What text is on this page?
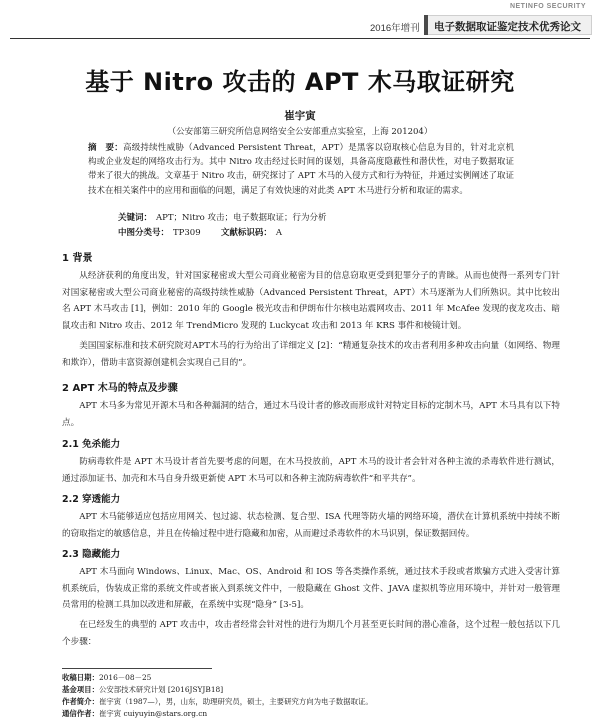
NETINFO SECURITY
2016年增刊 电子数据取证鉴定技术优秀论文
基于 Nitro 攻击的 APT 木马取证研究
崔宇寅
（公安部第三研究所信息网络安全公安部重点实验室，上海 201204）
摘　要：高级持续性威胁（Advanced Persistent Threat，APT）是黑客以窃取核心信息为目的，针对北京机构或企业发起的网络攻击行为。其中 Nitro 攻击经过长时间的谋划，具备高度隐蔽性和潜伏性，对电子数据取证带来了很大的挑战。文章基于 Nitro 攻击，研究探讨了 APT 木马的入侵方式和行为特征，并通过实例阐述了取证技术在相关案件中的应用和面临的问题，满足了有效快速的对此类 APT 木马进行分析和取证的需求。
关键词： APT；Nitro 攻击；电子数据取证；行为分析
中图分类号： TP309 文献标识码： A
1 背景
从经济获利的角度出发，针对国家秘密或大型公司商业秘密为目的信息窃取更受到犯罪分子的青睐。从而也使得一系列专门针对国家秘密或大型公司商业秘密的高级持续性威胁（Advanced Persistent Threat，APT）木马逐渐为人们所熟识。其中比较出名 APT 木马攻击 [1]，例如：2010 年的 Google 极光攻击和伊朗布什尔核电站震网攻击、2011 年 McAfee 发现的夜龙攻击、暗鼠攻击和 Nitro 攻击、2012 年 TrendMicro 发现的 Luckycat 攻击和 2013 年 KRS 事件和棱镜计划。
美国国家标准和技术研究院对APT木马的行为给出了详细定义 [2]：“精通复杂技术的攻击者利用多种攻击向量（如网络、物理和欺诈），借助丰富资源创建机会实现自己目的”。
2 APT 木马的特点及步骤
APT 木马多为常见开源木马和各种漏洞的结合，通过木马设计者的修改而形成针对特定目标的定制木马，APT 木马具有以下特点。
2.1 免杀能力
防病毒软件是 APT 木马设计者首先要考虑的问题，在木马投放前，APT 木马的设计者会针对各种主流的杀毒软件进行测试，通过添加证书、加壳和木马自身升级更新使 APT 木马可以和各种主流防病毒软件“和平共存”。
2.2 穿透能力
APT 木马能够适应包括应用网关、包过滤、状态检测、复合型、ISA 代理等防火墙的网络环境，潜伏在计算机系统中持续不断的窃取指定的敏感信息，并且在传输过程中进行隐藏和加密，从而避过杀毒软件的木马识别，保证数据回传。
2.3 隐藏能力
APT 木马面向 Windows、Linux、Mac、OS、Android 和 IOS 等各类操作系统，通过技术手段或者欺骗方式进入受害计算机系统后，伪装成正常的系统文件或者嵌入到系统文件中，一般隐藏在 Ghost 文件、JAVA 虚拟机等应用环境中，并针对一般管理员常用的检测工具加以改进和屏蔽，在系统中实现“隐身” [3-5]。
在已经发生的典型的 APT 攻击中，攻击者经常会针对性的进行为期几个月甚至更长时间的潜心准备，这个过程一般包括以下几个步骤：
收稿日期：2016－08－25
基金项目：公安部技术研究计划 [2016JSYJB18]
作者简介：崔宇寅（1987—），男，山东，助理研究员，硕士，主要研究方向为电子数据取证。
通信作者：崔宇寅 cuiyuyin@stars.org.cn
